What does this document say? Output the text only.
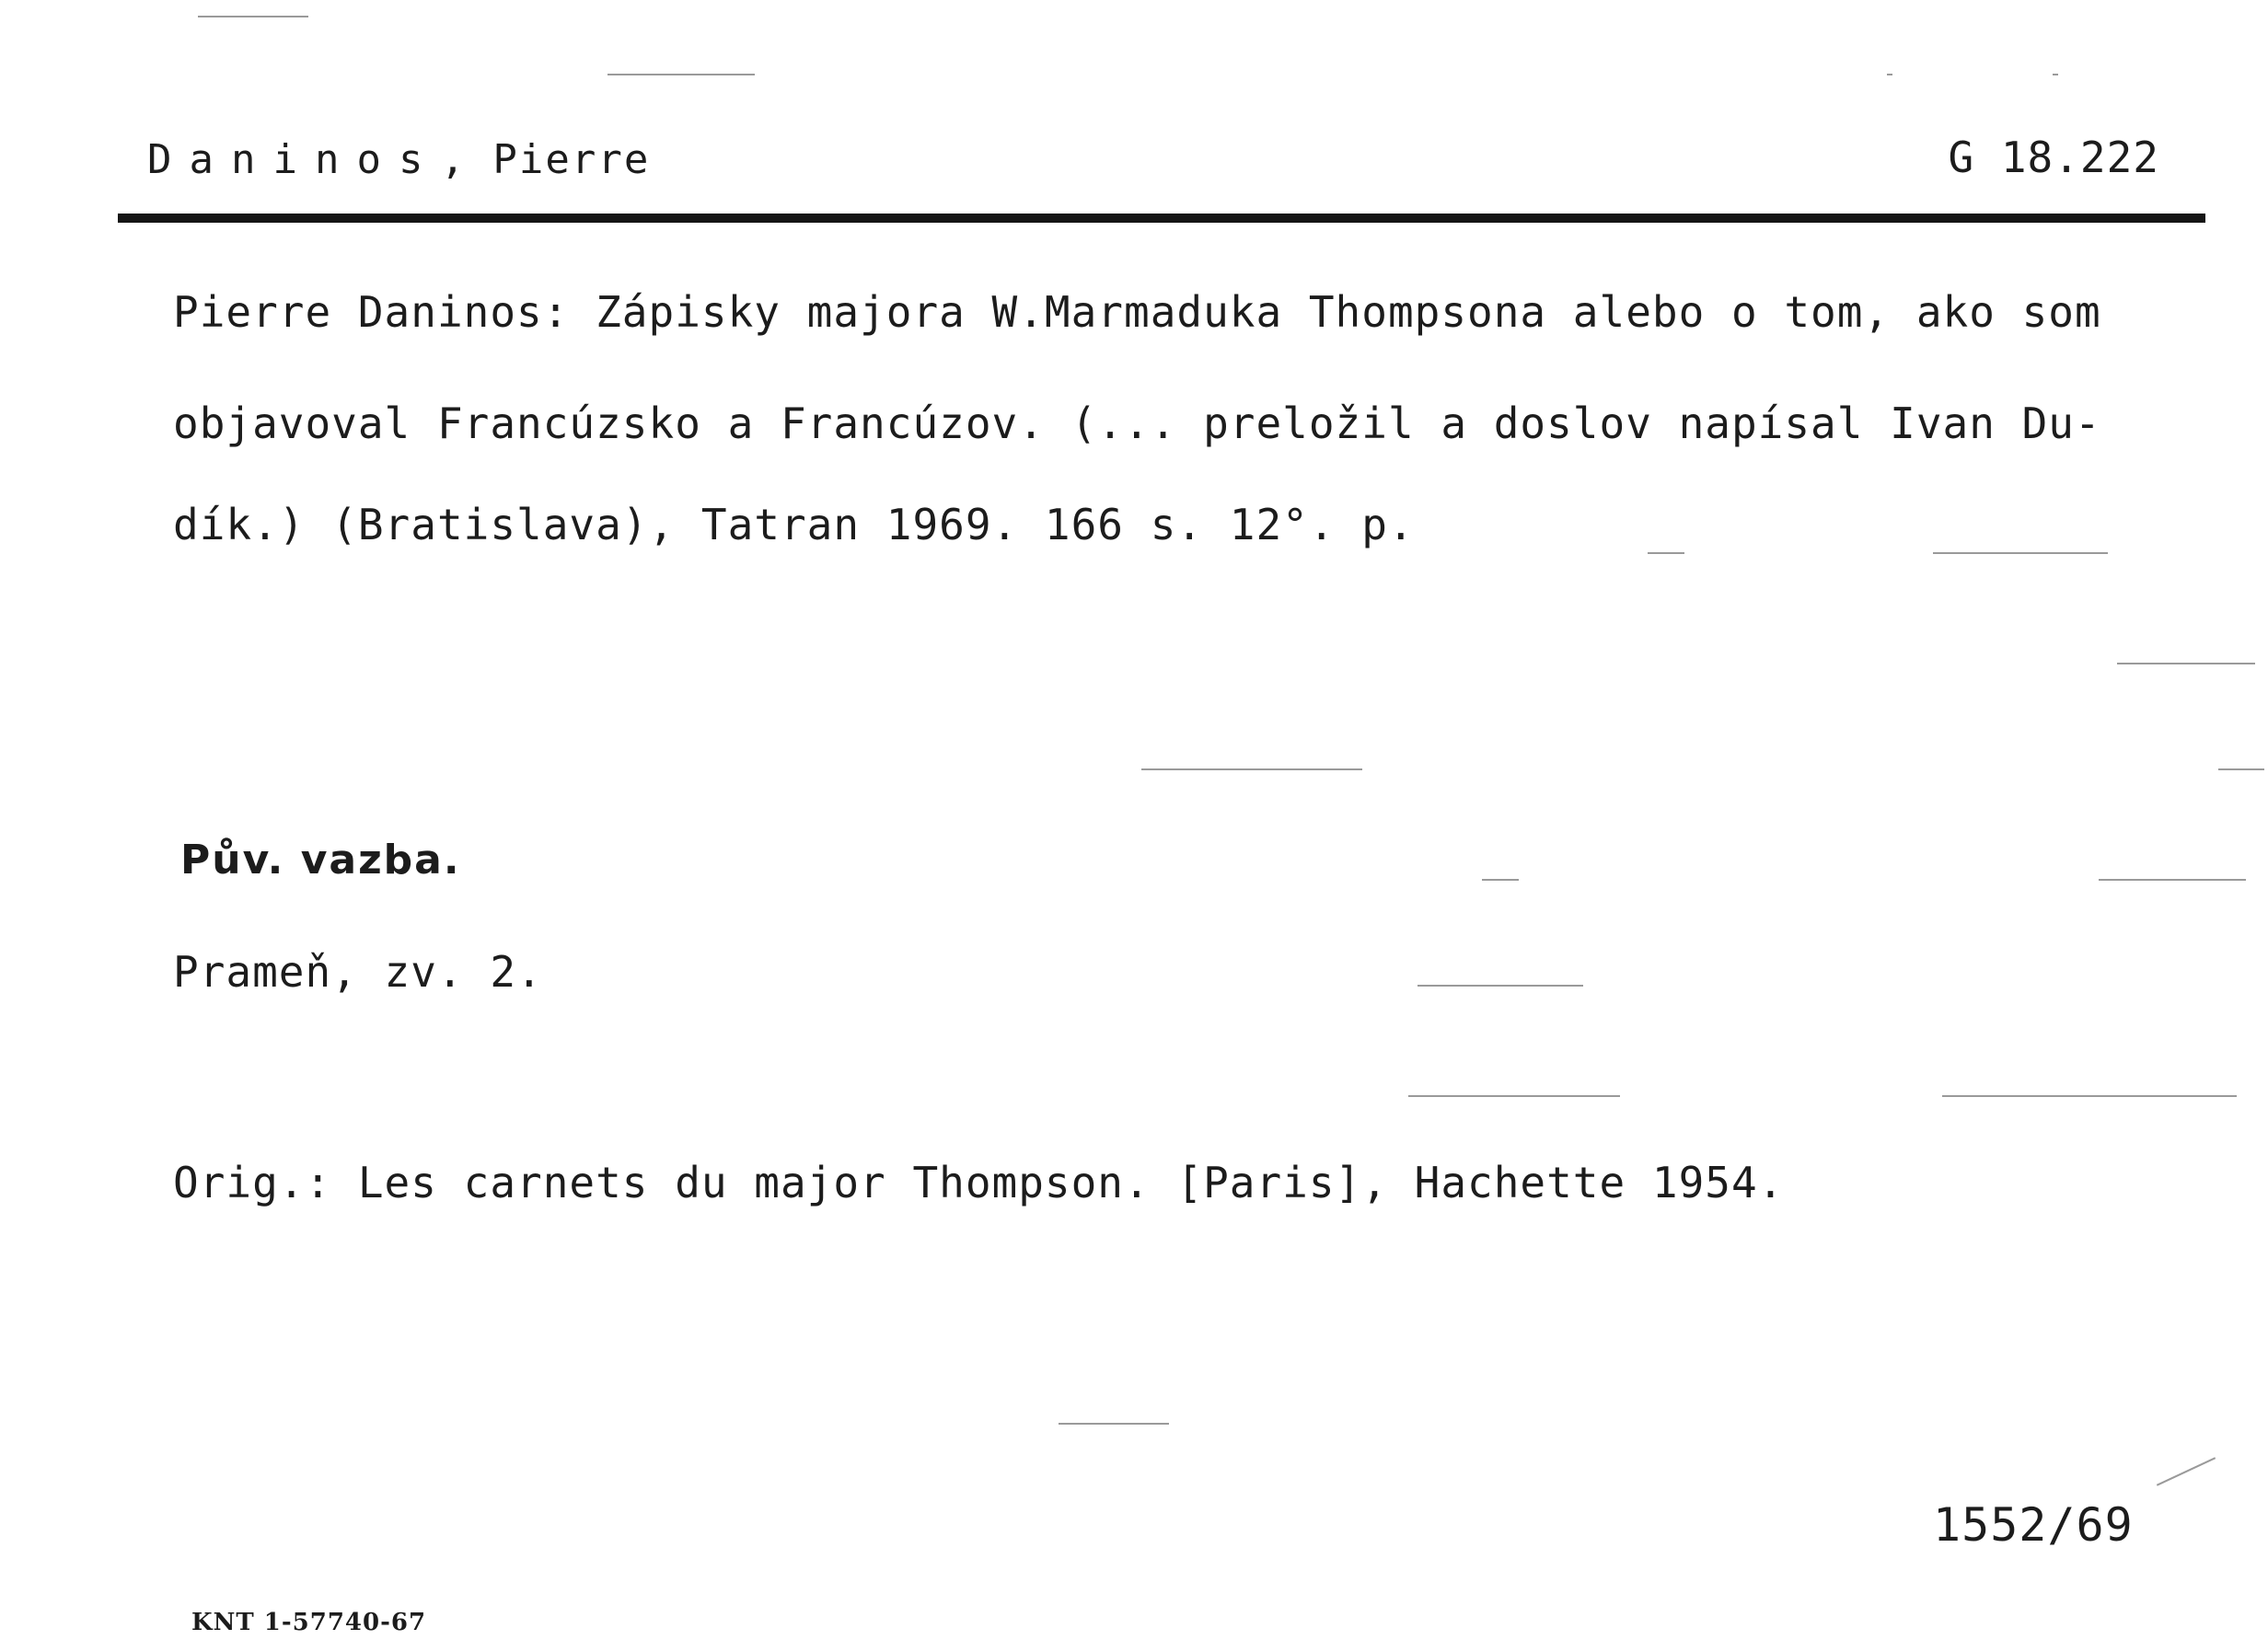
Daninos, Pierre	G 18.222
Pierre Daninos: Zápisky majora W.Marmaduka Thompsona alebo o tom, ako som
objavoval Francúzsko a Francúzov. (... preložil a doslov napísal Ivan Du-
dík.) (Bratislava), Tatran 1969. 166 s. 12°. p.
Pův. vazba.
Prameň, zv. 2.
Orig.: Les carnets du major Thompson. [Paris], Hachette 1954.
1552/69
KNT 1-57740-67
